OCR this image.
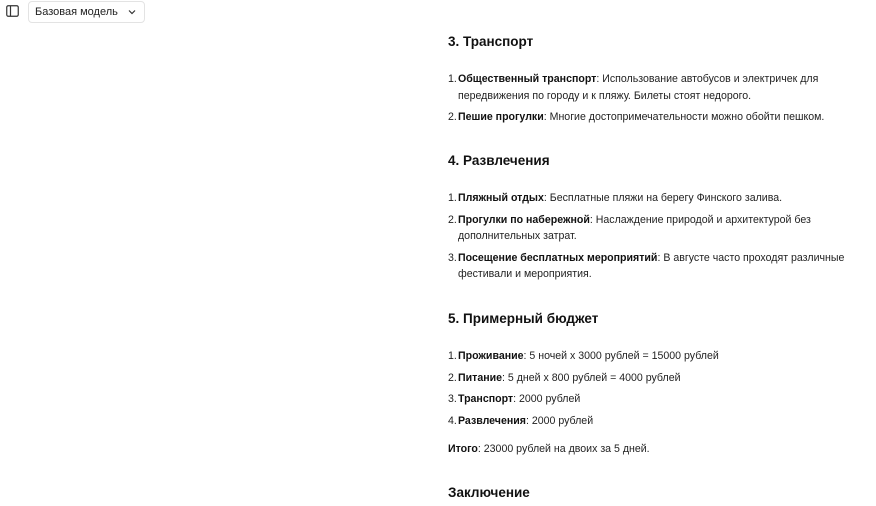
Базовая модель
3. Транспорт
1. Общественный транспорт: Использование автобусов и электричек для передвижения по городу и к пляжу. Билеты стоят недорого.
2. Пешие прогулки: Многие достопримечательности можно обойти пешком.
4. Развлечения
1. Пляжный отдых: Бесплатные пляжи на берегу Финского залива.
2. Прогулки по набережной: Наслаждение природой и архитектурой без дополнительных затрат.
3. Посещение бесплатных мероприятий: В августе часто проходят различные фестивали и мероприятия.
5. Примерный бюджет
1. Проживание: 5 ночей х 3000 рублей = 15000 рублей
2. Питание: 5 дней х 800 рублей = 4000 рублей
3. Транспорт: 2000 рублей
4. Развлечения: 2000 рублей
Итого: 23000 рублей на двоих за 5 дней.
Заключение
